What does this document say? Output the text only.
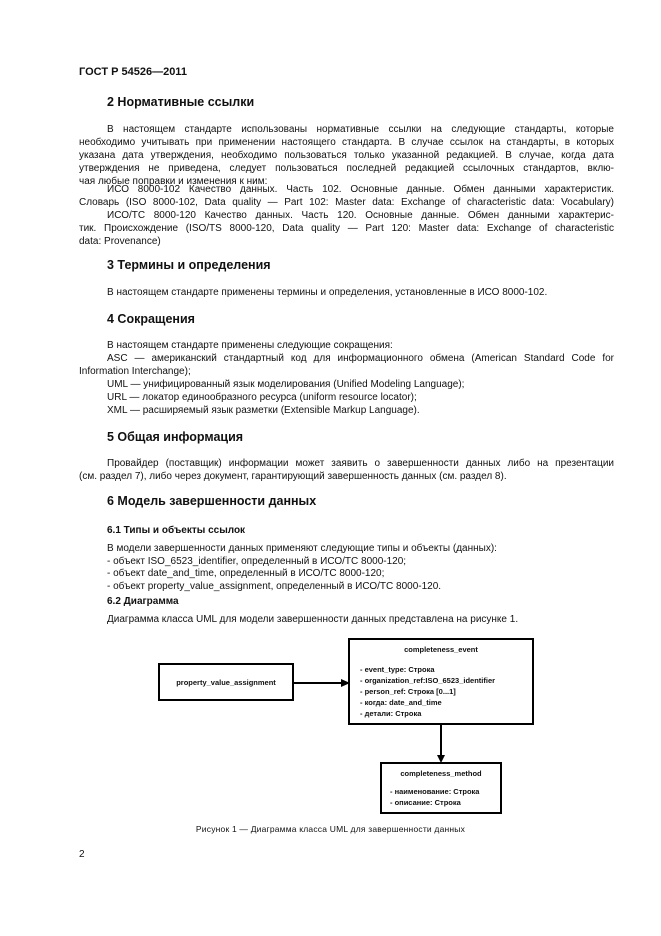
ГОСТ Р 54526—2011
2 Нормативные ссылки
В настоящем стандарте использованы нормативные ссылки на следующие стандарты, которые
необходимо учитывать при применении настоящего стандарта. В случае ссылок на стандарты, в которых
указана дата утверждения, необходимо пользоваться только указанной редакцией. В случае, когда дата
утверждения не приведена, следует пользоваться последней редакцией ссылочных стандартов, вклю-
чая любые поправки и изменения к ним:
ИСО 8000-102 Качество данных. Часть 102. Основные данные. Обмен данными характеристик.
Словарь (ISO 8000-102, Data quality — Part 102: Master data: Exchange of characteristic data: Vocabulary)
ИСО/ТС 8000-120 Качество данных. Часть 120. Основные данные. Обмен данными характерис-
тик. Происхождение (ISO/TS 8000-120, Data quality — Part 120: Master data: Exchange of characteristic
data: Provenance)
3 Термины и определения
В настоящем стандарте применены термины и определения, установленные в ИСО 8000-102.
4 Сокращения
В настоящем стандарте применены следующие сокращения:
ASC — американский стандартный код для информационного обмена (American Standard Code for
Information Interchange);
UML — унифицированный язык моделирования (Unified Modeling Language);
URL — локатор единообразного ресурса (uniform resource locator);
XML — расширяемый язык разметки (Extensible Markup Language).
5 Общая информация
Провайдер (поставщик) информации может заявить о завершенности данных либо на презентации
(см. раздел 7), либо через документ, гарантирующий завершенность данных (см. раздел 8).
6 Модель завершенности данных
6.1 Типы и объекты ссылок
В модели завершенности данных применяют следующие типы и объекты (данных):
- объект ISO_6523_identifier, определенный в ИСО/ТС 8000-120;
- объект date_and_time, определенный в ИСО/ТС 8000-120;
- объект property_value_assignment, определенный в ИСО/ТС 8000-120.
6.2 Диаграмма
Диаграмма класса UML для модели завершенности данных представлена на рисунке 1.
property_value_assignment
completeness_event
- event_type: Строка
- organization_ref:ISO_6523_identifier
- person_ref: Строка [0...1]
- когда: date_and_time
- детали: Строка
completeness_method
- наименование: Строка
- описание: Строка
Рисунок 1 — Диаграмма класса UML для завершенности данных
2
